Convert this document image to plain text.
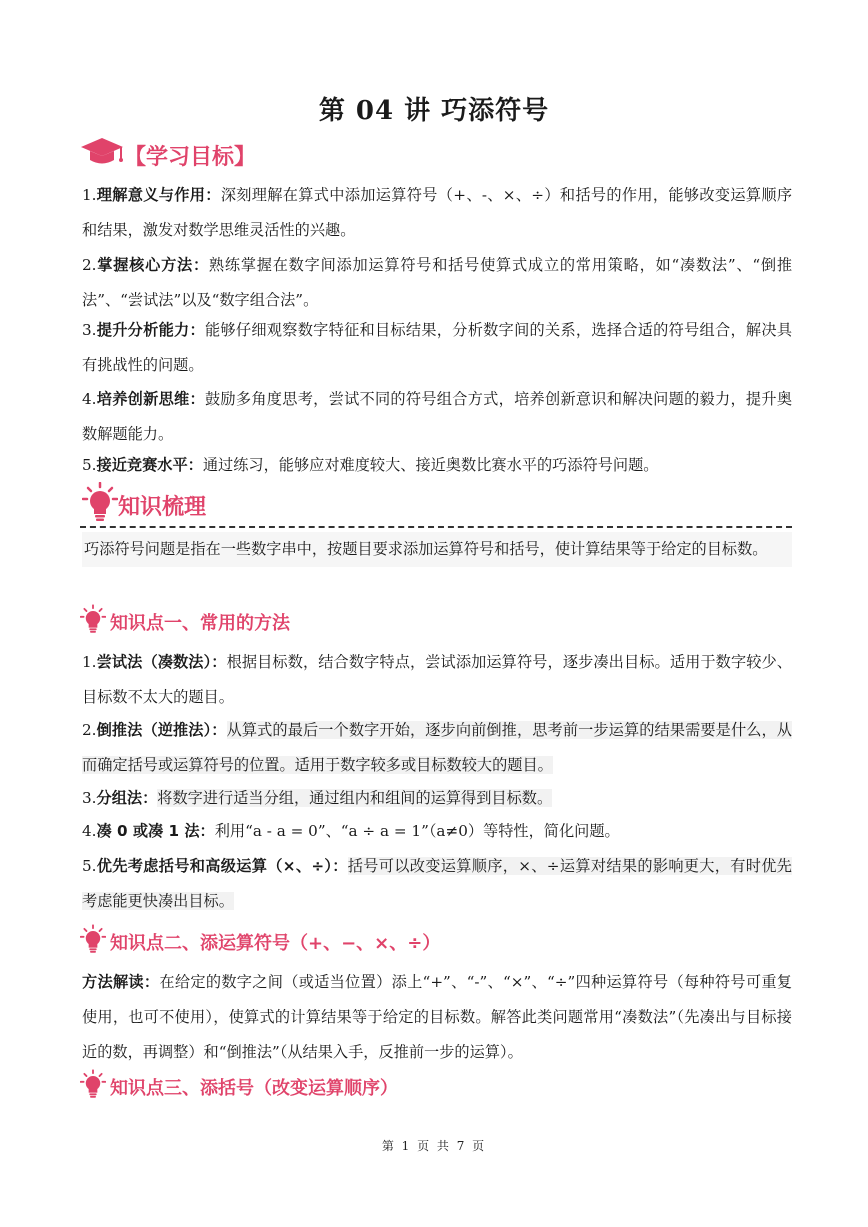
第 04 讲 巧添符号
【学习目标】
1.理解意义与作用：深刻理解在算式中添加运算符号（+、-、×、÷）和括号的作用，能够改变运算顺序和结果，激发对数学思维灵活性的兴趣。
2.掌握核心方法：熟练掌握在数字间添加运算符号和括号使算式成立的常用策略，如“凑数法”、“倒推法”、“尝试法”以及“数字组合法”。
3.提升分析能力：能够仔细观察数字特征和目标结果，分析数字间的关系，选择合适的符号组合，解决具有挑战性的问题。
4.培养创新思维：鼓励多角度思考，尝试不同的符号组合方式，培养创新意识和解决问题的毅力，提升奥数解题能力。
5.接近竞赛水平：通过练习，能够应对难度较大、接近奥数比赛水平的巧添符号问题。
知识梳理
巧添符号问题是指在一些数字串中，按题目要求添加运算符号和括号，使计算结果等于给定的目标数。
知识点一、常用的方法
1.尝试法（凑数法）：根据目标数，结合数字特点，尝试添加运算符号，逐步凑出目标。适用于数字较少、目标数不太大的题目。
2.倒推法（逆推法）：从算式的最后一个数字开始，逐步向前倒推，思考前一步运算的结果需要是什么，从而确定括号或运算符号的位置。适用于数字较多或目标数较大的题目。
3.分组法：将数字进行适当分组，通过组内和组间的运算得到目标数。
4.凑 0 或凑 1 法：利用“a - a = 0”、“a ÷ a = 1”（a≠0）等特性，简化问题。
5.优先考虑括号和高级运算（×、÷）：括号可以改变运算顺序，×、÷运算对结果的影响更大，有时优先考虑能更快凑出目标。
知识点二、添运算符号（+、−、×、÷）
方法解读：在给定的数字之间（或适当位置）添上“+”、“-”、“×”、“÷”四种运算符号（每种符号可重复使用，也可不使用），使算式的计算结果等于给定的目标数。解答此类问题常用“凑数法”（先凑出与目标接近的数，再调整）和“倒推法”（从结果入手，反推前一步的运算）。
知识点三、添括号（改变运算顺序）
第 1 页 共 7 页
